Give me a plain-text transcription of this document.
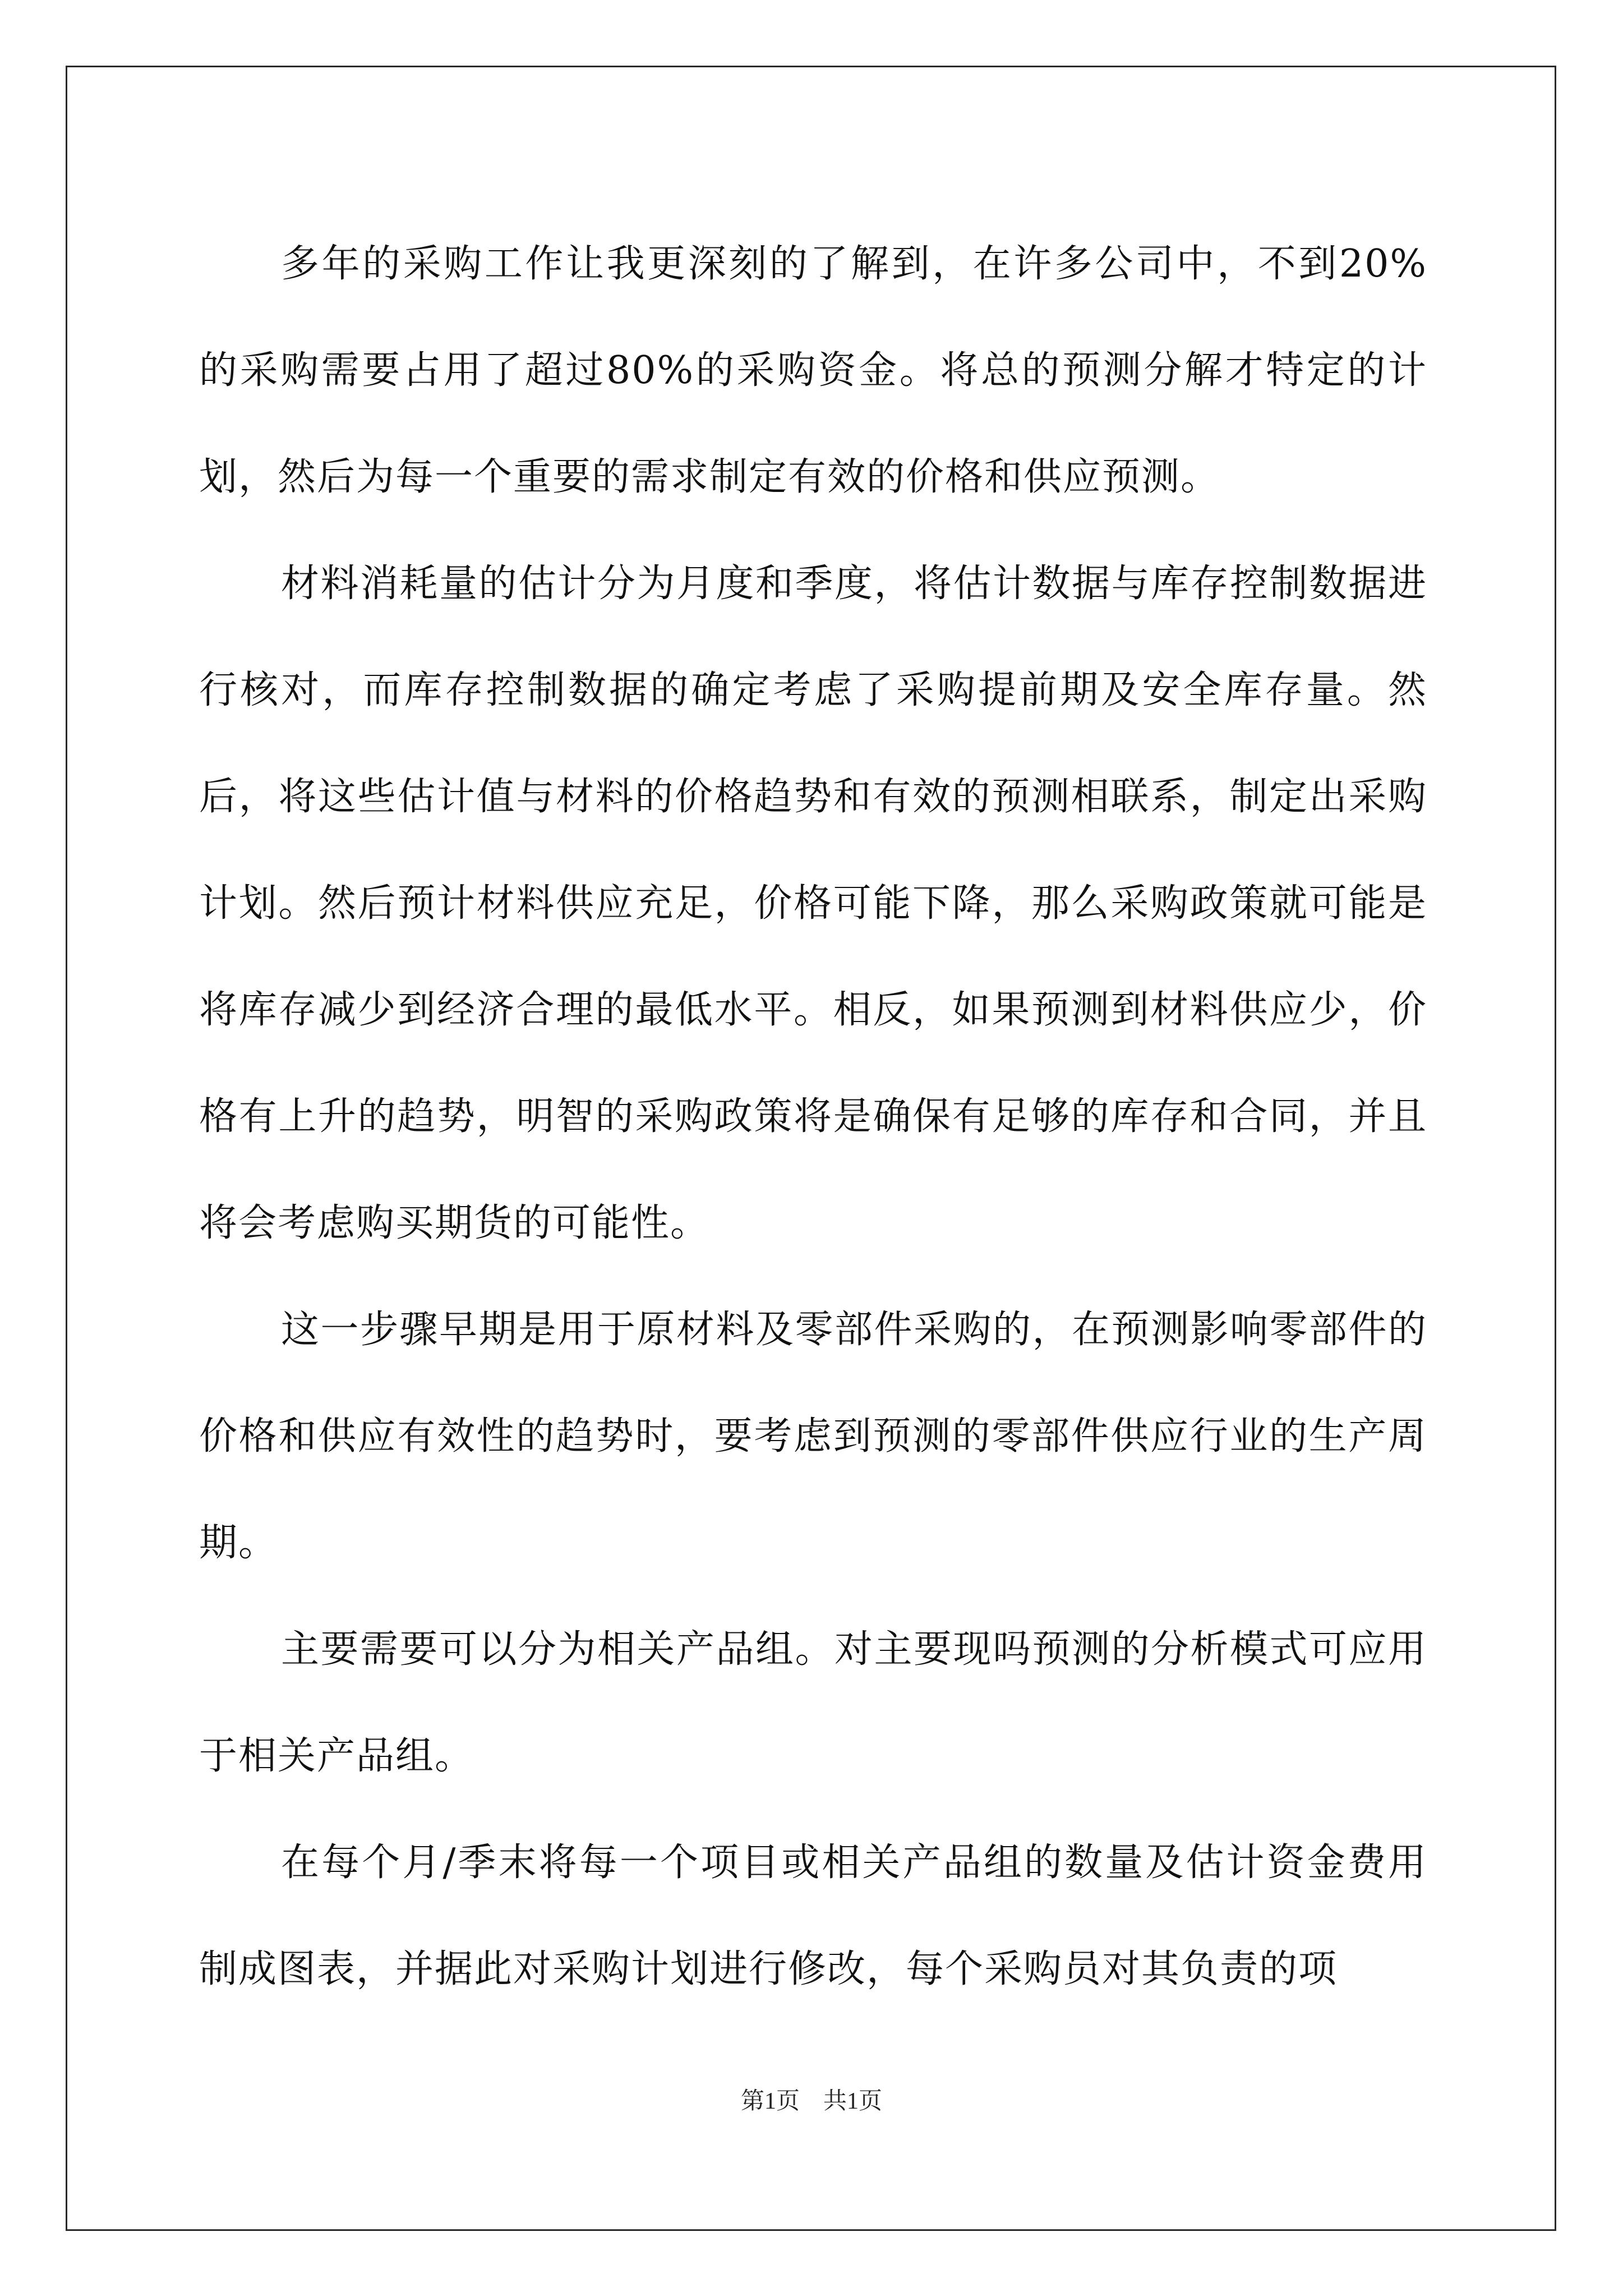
多年的采购工作让我更深刻的了解到，在许多公司中，不到20%的采购需要占用了超过80%的采购资金。将总的预测分解才特定的计划，然后为每一个重要的需求制定有效的价格和供应预测。

材料消耗量的估计分为月度和季度，将估计数据与库存控制数据进行核对，而库存控制数据的确定考虑了采购提前期及安全库存量。然后，将这些估计值与材料的价格趋势和有效的预测相联系，制定出采购计划。然后预计材料供应充足，价格可能下降，那么采购政策就可能是将库存减少到经济合理的最低水平。相反，如果预测到材料供应少，价格有上升的趋势，明智的采购政策将是确保有足够的库存和合同，并且将会考虑购买期货的可能性。

这一步骤早期是用于原材料及零部件采购的，在预测影响零部件的价格和供应有效性的趋势时，要考虑到预测的零部件供应行业的生产周期。

主要需要可以分为相关产品组。对主要现吗预测的分析模式可应用于相关产品组。

在每个月/季末将每一个项目或相关产品组的数量及估计资金费用制成图表，并据此对采购计划进行修改，每个采购员对其负责的项

第1页　共1页
